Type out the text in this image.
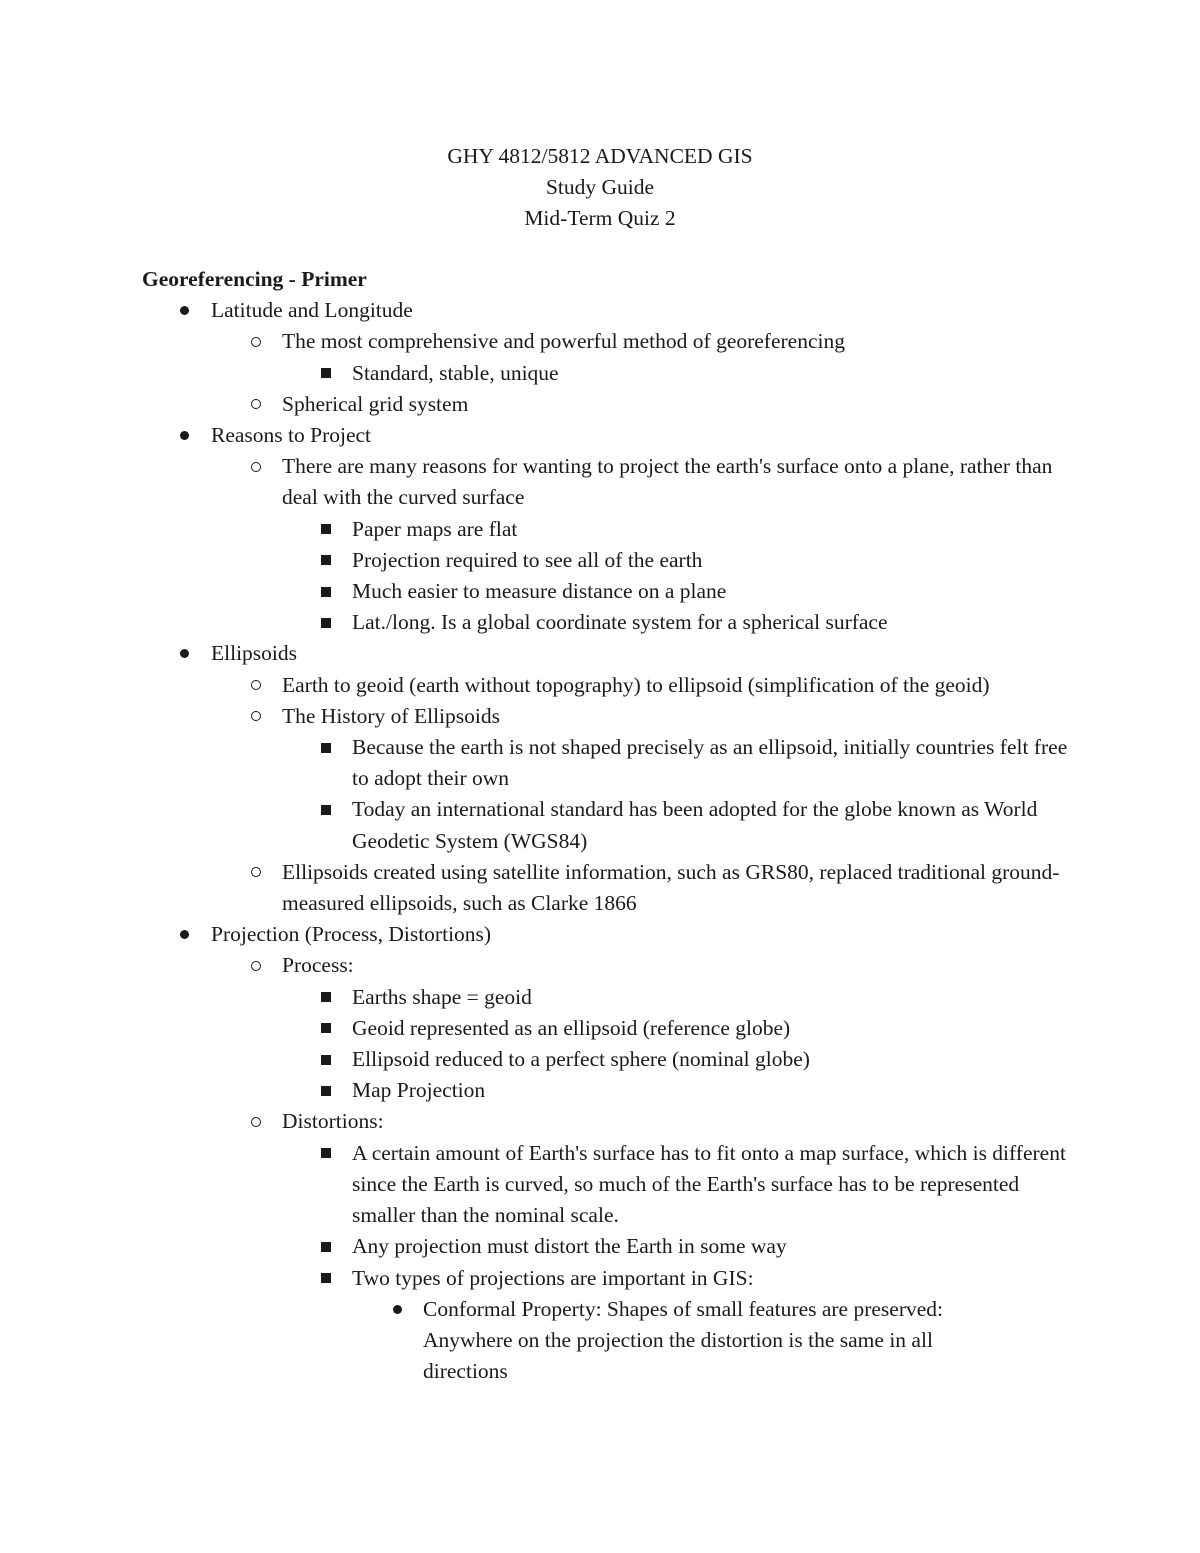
GHY 4812/5812 ADVANCED GIS
Study Guide
Mid-Term Quiz 2
Georeferencing - Primer
Latitude and Longitude
The most comprehensive and powerful method of georeferencing
Standard, stable, unique
Spherical grid system
Reasons to Project
There are many reasons for wanting to project the earth's surface onto a plane, rather than deal with the curved surface
Paper maps are flat
Projection required to see all of the earth
Much easier to measure distance on a plane
Lat./long. Is a global coordinate system for a spherical surface
Ellipsoids
Earth to geoid (earth without topography) to ellipsoid (simplification of the geoid)
The History of Ellipsoids
Because the earth is not shaped precisely as an ellipsoid, initially countries felt free to adopt their own
Today an international standard has been adopted for the globe known as World Geodetic System (WGS84)
Ellipsoids created using satellite information, such as GRS80, replaced traditional ground-measured ellipsoids, such as Clarke 1866
Projection (Process, Distortions)
Process:
Earths shape = geoid
Geoid represented as an ellipsoid (reference globe)
Ellipsoid reduced to a perfect sphere (nominal globe)
Map Projection
Distortions:
A certain amount of Earth's surface has to fit onto a map surface, which is different since the Earth is curved, so much of the Earth's surface has to be represented smaller than the nominal scale.
Any projection must distort the Earth in some way
Two types of projections are important in GIS:
Conformal Property: Shapes of small features are preserved: Anywhere on the projection the distortion is the same in all directions
